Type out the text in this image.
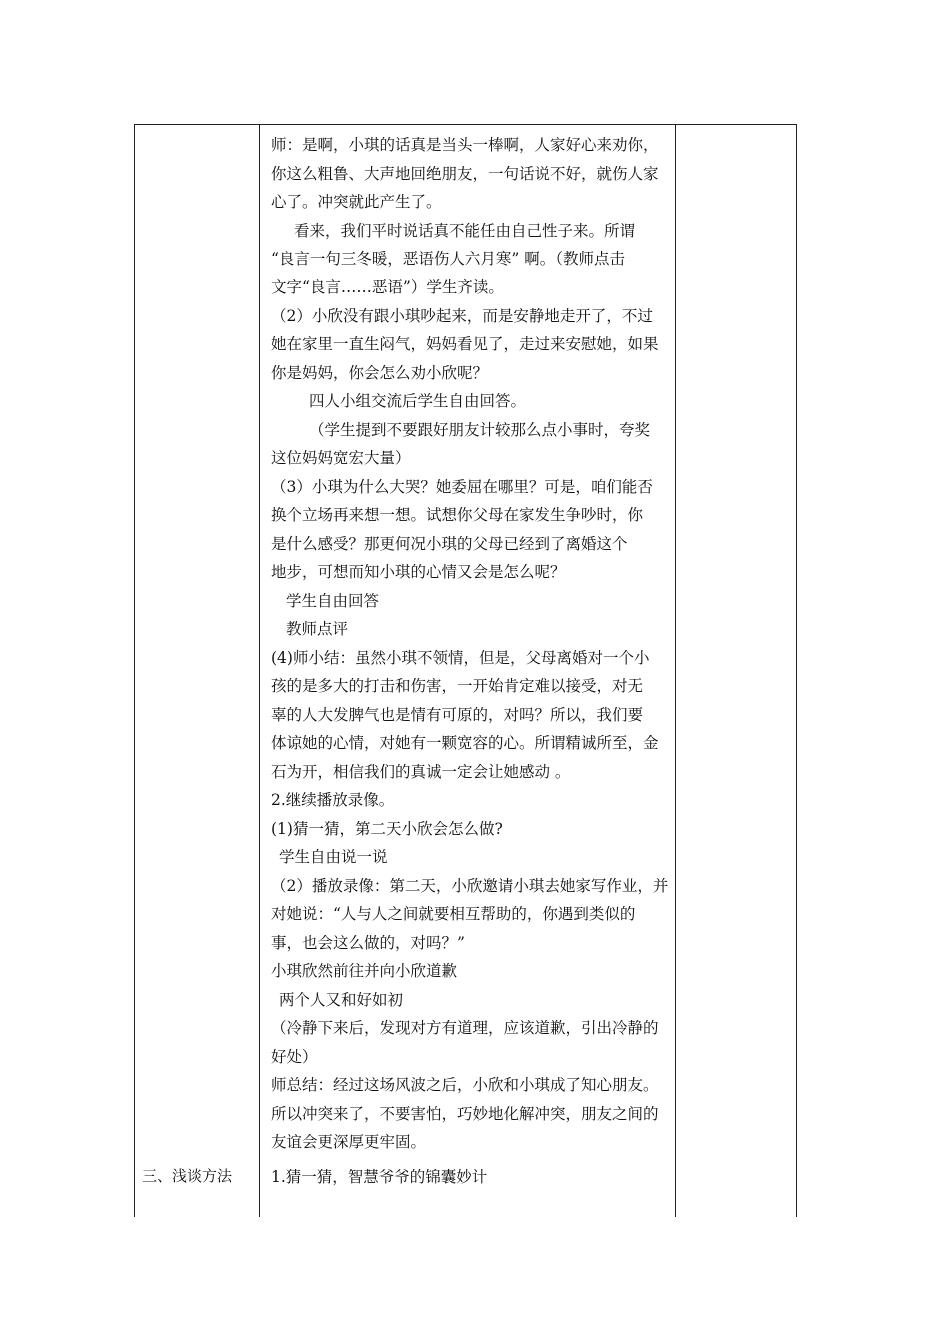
三、浅谈方法
师：是啊，小琪的话真是当头一棒啊，人家好心来劝你，
你这么粗鲁、大声地回绝朋友，一句话说不好，就伤人家
心了。冲突就此产生了。
看来，我们平时说话真不能任由自己性子来。所谓
“良言一句三冬暖，恶语伤人六月寒” 啊。（教师点击
文字“良言……恶语”）学生齐读。
（2）小欣没有跟小琪吵起来，而是安静地走开了，不过
她在家里一直生闷气，妈妈看见了，走过来安慰她，如果
你是妈妈，你会怎么劝小欣呢？
四人小组交流后学生自由回答。
（学生提到不要跟好朋友计较那么点小事时，夸奖
这位妈妈宽宏大量）
（3）小琪为什么大哭？她委屈在哪里？可是，咱们能否
换个立场再来想一想。试想你父母在家发生争吵时，你
是什么感受？那更何况小琪的父母已经到了离婚这个
地步，可想而知小琪的心情又会是怎么呢？
学生自由回答
教师点评
(4)师小结：虽然小琪不领情，但是，父母离婚对一个小
孩的是多大的打击和伤害，一开始肯定难以接受，对无
辜的人大发脾气也是情有可原的，对吗？所以，我们要
体谅她的心情，对她有一颗宽容的心。所谓精诚所至，金
石为开，相信我们的真诚一定会让她感动 。
2.继续播放录像。
(1)猜一猜，第二天小欣会怎么做?
学生自由说一说
（2）播放录像：第二天，小欣邀请小琪去她家写作业，并
对她说：“人与人之间就要相互帮助的，你遇到类似的
事，也会这么做的，对吗？”
小琪欣然前往并向小欣道歉
两个人又和好如初
（冷静下来后，发现对方有道理，应该道歉，引出冷静的
好处）
师总结：经过这场风波之后，小欣和小琪成了知心朋友。
所以冲突来了，不要害怕，巧妙地化解冲突，朋友之间的
友谊会更深厚更牢固。
1.猜一猜，智慧爷爷的锦囊妙计
